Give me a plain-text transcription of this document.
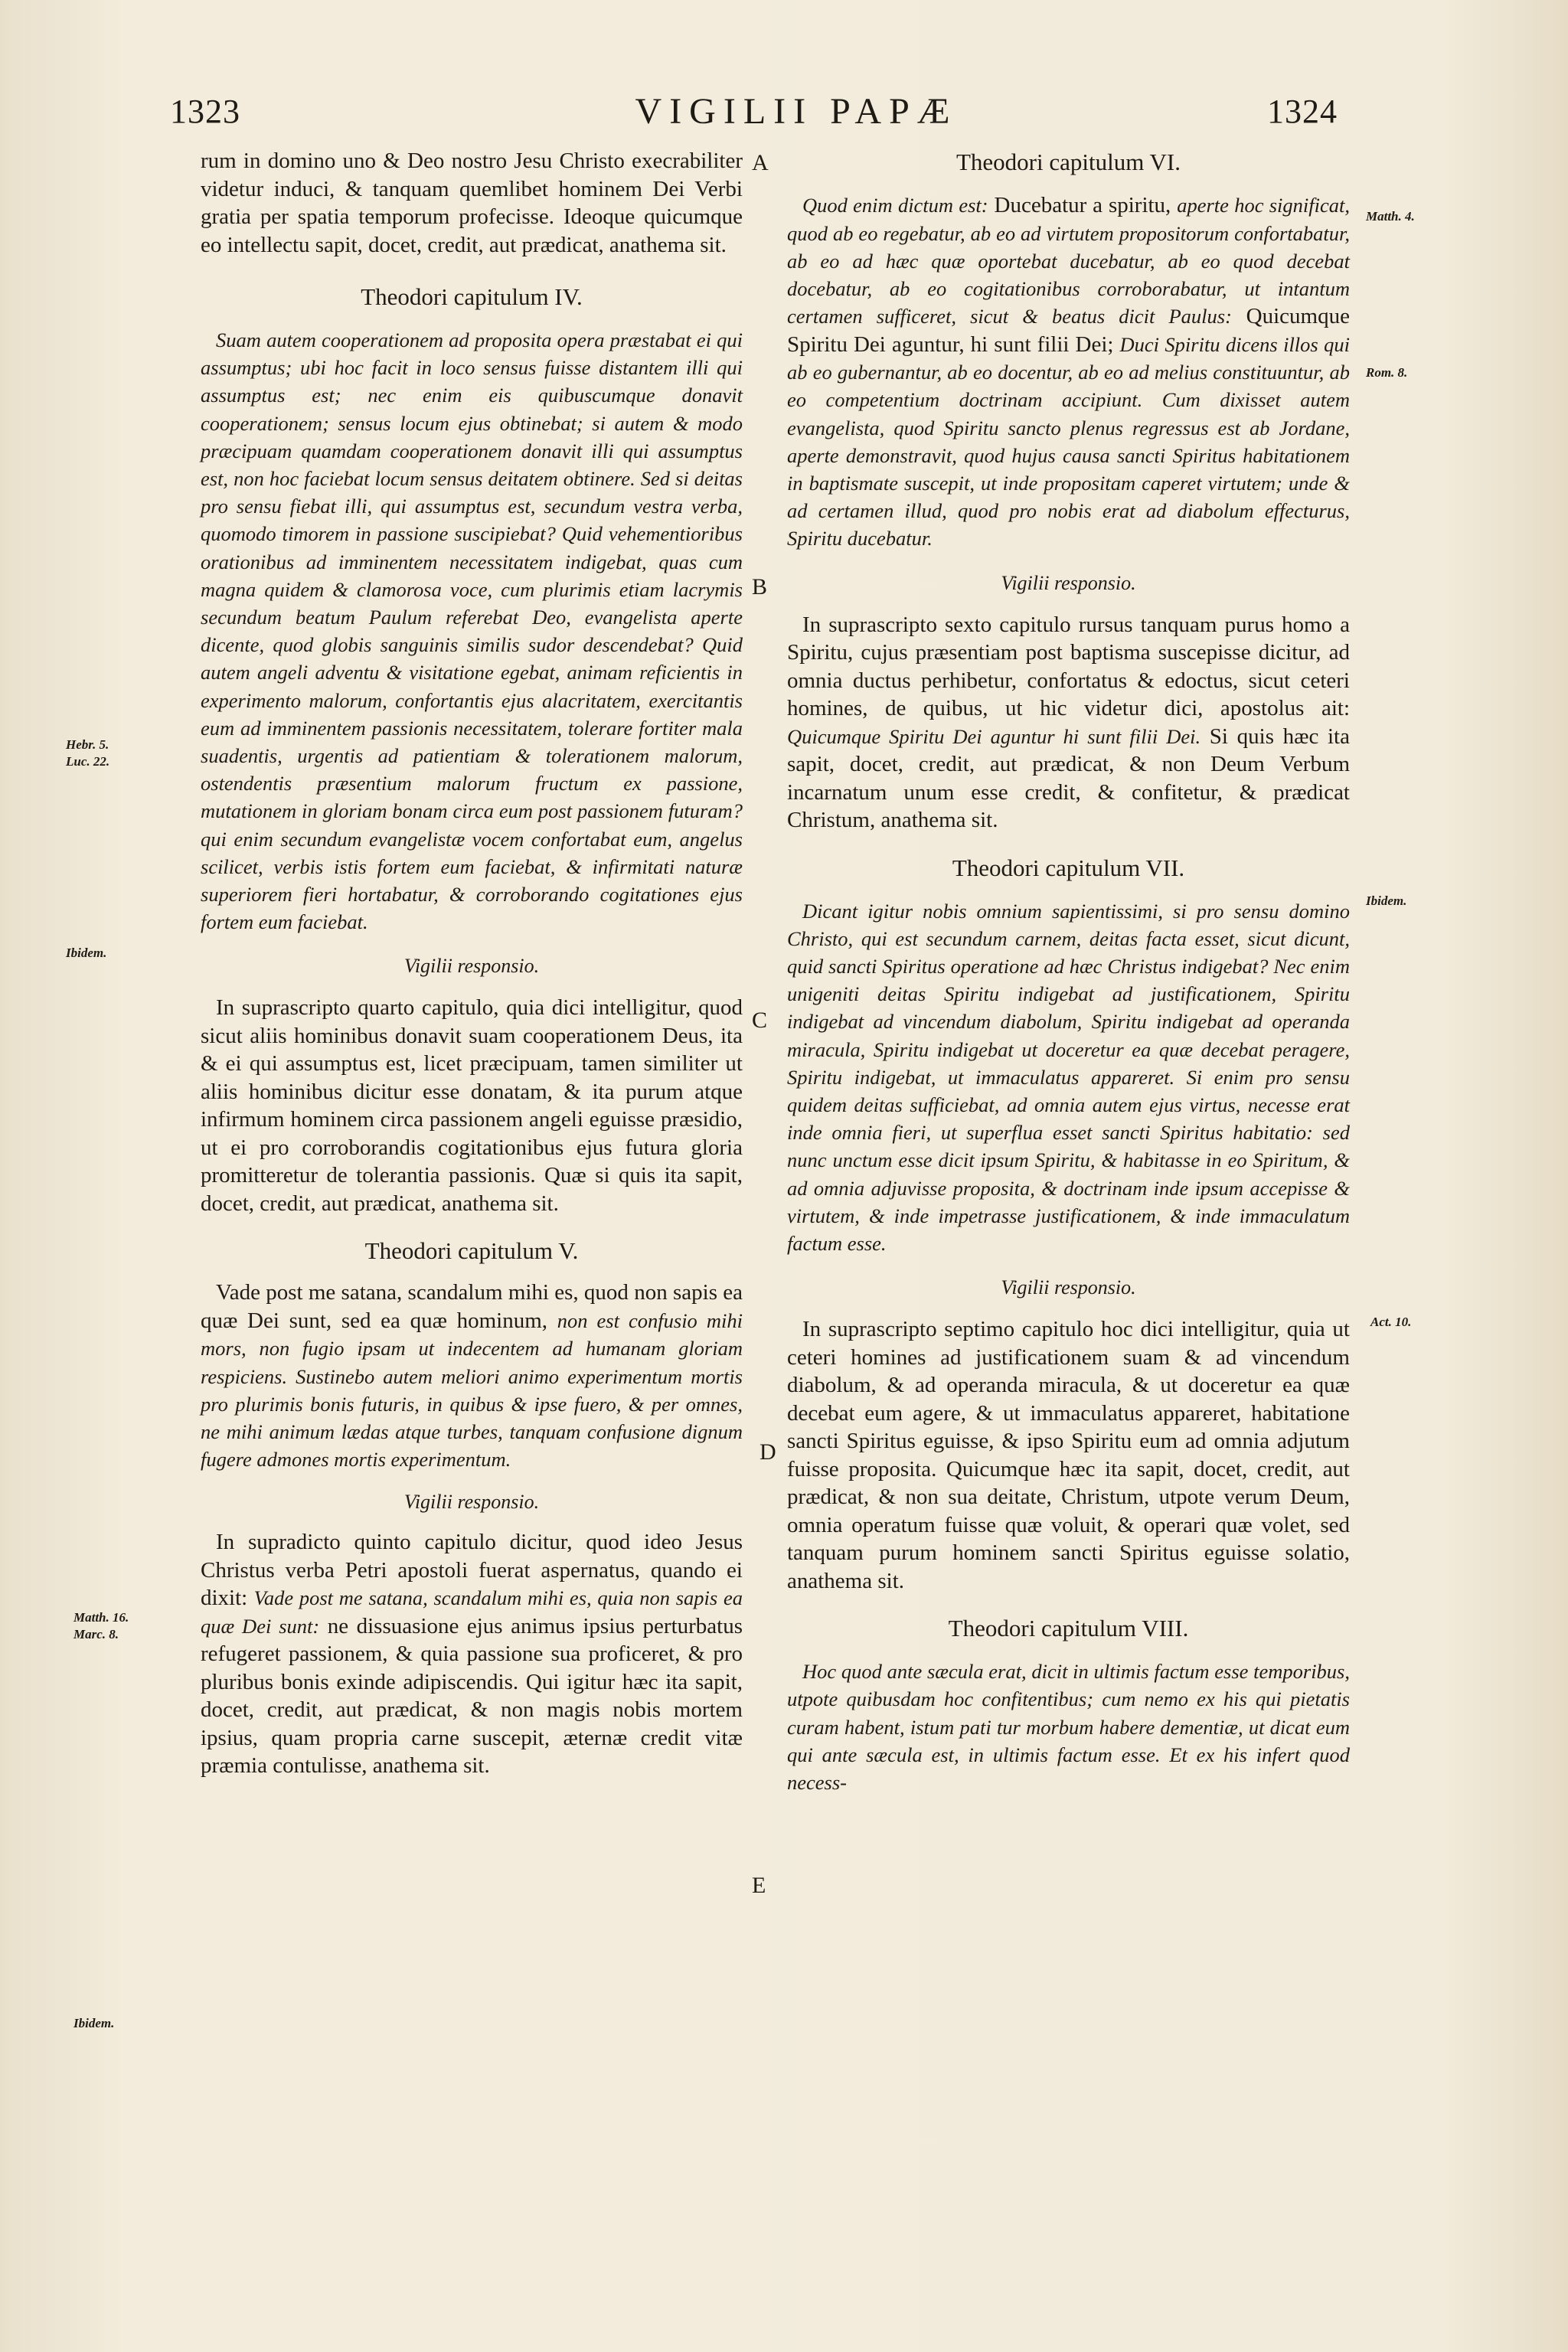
1323	VIGILII PAPÆ	1324

rum in domino uno & Deo nostro Jesu Christo execrabiliter videtur induci, & tanquam quemlibet hominem Dei Verbi gratia per spatia temporum profecisse. Ideoque quicumque eo intellectu sapit, docet, credit, aut prædicat, anathema sit.

Theodori capitulum IV.

Suam autem cooperationem ad proposita opera præstabat ei qui assumptus; ubi hoc facit in loco sensus fuisse distantem illi qui assumptus est; nec enim eis quibuscumque donavit cooperationem; sensus locum ejus obtinebat; si autem & modo præcipuam quamdam cooperationem donavit illi qui assumptus est, non hoc faciebat locum sensus deitatem obtinere. Sed si deitas pro sensu fiebat illi, qui assumptus est, secundum vestra verba, quomodo timorem in passione suscipiebat? Quid vehementioribus orationibus ad imminentem necessitatem indigebat, quas cum magna quidem & clamorosa voce, cum plurimis etiam lacrymis secundum beatum Paulum referebat Deo, evangelista aperte dicente, quod globis sanguinis similis sudor descendebat? Quid autem angeli adventu & visitatione egebat, animam reficientis in experimento malorum, confortantis ejus alacritatem, exercitantis eum ad imminentem passionis necessitatem, tolerare fortiter mala suadentis, urgentis ad patientiam & tolerationem malorum, ostendentis præsentium malorum fructum ex passione, mutationem in gloriam bonam circa eum post passionem futuram? qui enim secundum evangelistæ vocem confortabat eum, angelus scilicet, verbis istis fortem eum faciebat, & infirmitati naturæ superiorem fieri hortabatur, & corroborando cogitationes ejus fortem eum faciebat.

Vigilii responsio.

In suprascripto quarto capitulo, quia dici intelligitur, quod sicut aliis hominibus donavit suam cooperationem Deus, ita & ei qui assumptus est, licet præcipuam, tamen similiter ut aliis hominibus dicitur esse donatam, & ita purum atque infirmum hominem circa passionem angeli eguisse præsidio, ut ei pro corroborandis cogitationibus ejus futura gloria promitteretur de tolerantia passionis. Quæ si quis ita sapit, docet, credit, aut prædicat, anathema sit.

Theodori capitulum V.

Vade post me satana, scandalum mihi es, quod non sapis ea quæ Dei sunt, sed ea quæ hominum, non est confusio mihi mors, non fugio ipsam ut indecentem ad humanam gloriam respiciens. Sustinebo autem meliori animo experimentum mortis pro plurimis bonis futuris, in quibus & ipse fuero, & per omnes, ne mihi animum lædas atque turbes, tanquam confusione dignum fugere admones mortis experimentum.

Vigilii responsio.

In supradicto quinto capitulo dicitur, quod ideo Jesus Christus verba Petri apostoli fuerat aspernatus, quando ei dixit: Vade post me satana, scandalum mihi es, quia non sapis ea quæ Dei sunt: ne dissuasione ejus animus ipsius perturbatus refugeret passionem, & quia passione sua proficeret, & pro pluribus bonis exinde adipiscendis. Qui igitur hæc ita sapit, docet, credit, aut prædicat, & non magis nobis mortem ipsius, quam propria carne suscepit, æternæ credit vitæ præmia contulisse, anathema sit.

Theodori capitulum VI.

Quod enim dictum est: Ducebatur a spiritu, aperte hoc significat, quod ab eo regebatur, ab eo ad virtutem propositorum confortabatur, ab eo ad hæc quæ oportebat ducebatur, ab eo quod decebat docebatur, ab eo cogitationibus corroborabatur, ut intantum certamen sufficeret, sicut & beatus dicit Paulus: Quicumque Spiritu Dei aguntur, hi sunt filii Dei; Duci Spiritu dicens illos qui ab eo gubernantur, ab eo docentur, ab eo ad melius constituuntur, ab eo competentium doctrinam accipiunt. Cum dixisset autem evangelista, quod Spiritu sancto plenus regressus est ab Jordane, aperte demonstravit, quod hujus causa sancti Spiritus habitationem in baptismate suscepit, ut inde propositam caperet virtutem; unde & ad certamen illud, quod pro nobis erat ad diabolum effecturus, Spiritu ducebatur.

Vigilii responsio.

In suprascripto sexto capitulo rursus tanquam purus homo a Spiritu, cujus præsentiam post baptisma suscepisse dicitur, ad omnia ductus perhibetur, confortatus & edoctus, sicut ceteri homines, de quibus, ut hic videtur dici, apostolus ait: Quicumque Spiritu Dei aguntur hi sunt filii Dei. Si quis hæc ita sapit, docet, credit, aut prædicat, & non Deum Verbum incarnatum unum esse credit, & confitetur, & prædicat Christum, anathema sit.

Theodori capitulum VII.

Dicant igitur nobis omnium sapientissimi, si pro sensu domino Christo, qui est secundum carnem, deitas facta esset, sicut dicunt, quid sancti Spiritus operatione ad hæc Christus indigebat? Nec enim unigeniti deitas Spiritu indigebat ad justificationem, Spiritu indigebat ad vincendum diabolum, Spiritu indigebat ad operanda miracula, Spiritu indigebat ut doceretur ea quæ decebat peragere, Spiritu indigebat, ut immaculatus appareret. Si enim pro sensu quidem deitas sufficiebat, ad omnia autem ejus virtus, necesse erat inde omnia fieri, ut superflua esset sancti Spiritus habitatio: sed nunc unctum esse dicit ipsum Spiritu, & habitasse in eo Spiritum, & ad omnia adjuvisse proposita, & doctrinam inde ipsum accepisse & virtutem, & inde impetrasse justificationem, & inde immaculatum factum esse.

Vigilii responsio.

In suprascripto septimo capitulo hoc dici intelligitur, quia ut ceteri homines ad justificationem suam & ad vincendum diabolum, & ad operanda miracula, & ut doceretur ea quæ decebat eum agere, & ut immaculatus appareret, habitatione sancti Spiritus eguisse, & ipso Spiritu eum ad omnia adjutum fuisse proposita. Quicumque hæc ita sapit, docet, credit, aut prædicat, & non sua deitate, Christum, utpote verum Deum, omnia operatum fuisse quæ voluit, & operari quæ volet, sed tanquam purum hominem sancti Spiritus eguisse solatio, anathema sit.

Theodori capitulum VIII.

Hoc quod ante sæcula erat, dicit in ultimis factum esse temporibus, utpote quibusdam hoc confitentibus; cum nemo ex his qui pietatis curam habent, istum pati tur morbum habere dementiæ, ut dicat eum qui ante sæcula est, in ultimis factum esse. Et ex his infert quod necess-

A
B
C
D
E
Hebr. 5.
Luc. 22.
Ibidem.
Matth. 16.
Marc. 8.
Ibidem.
Matth. 4.
Rom. 8.
Ibidem.
Act. 10.
